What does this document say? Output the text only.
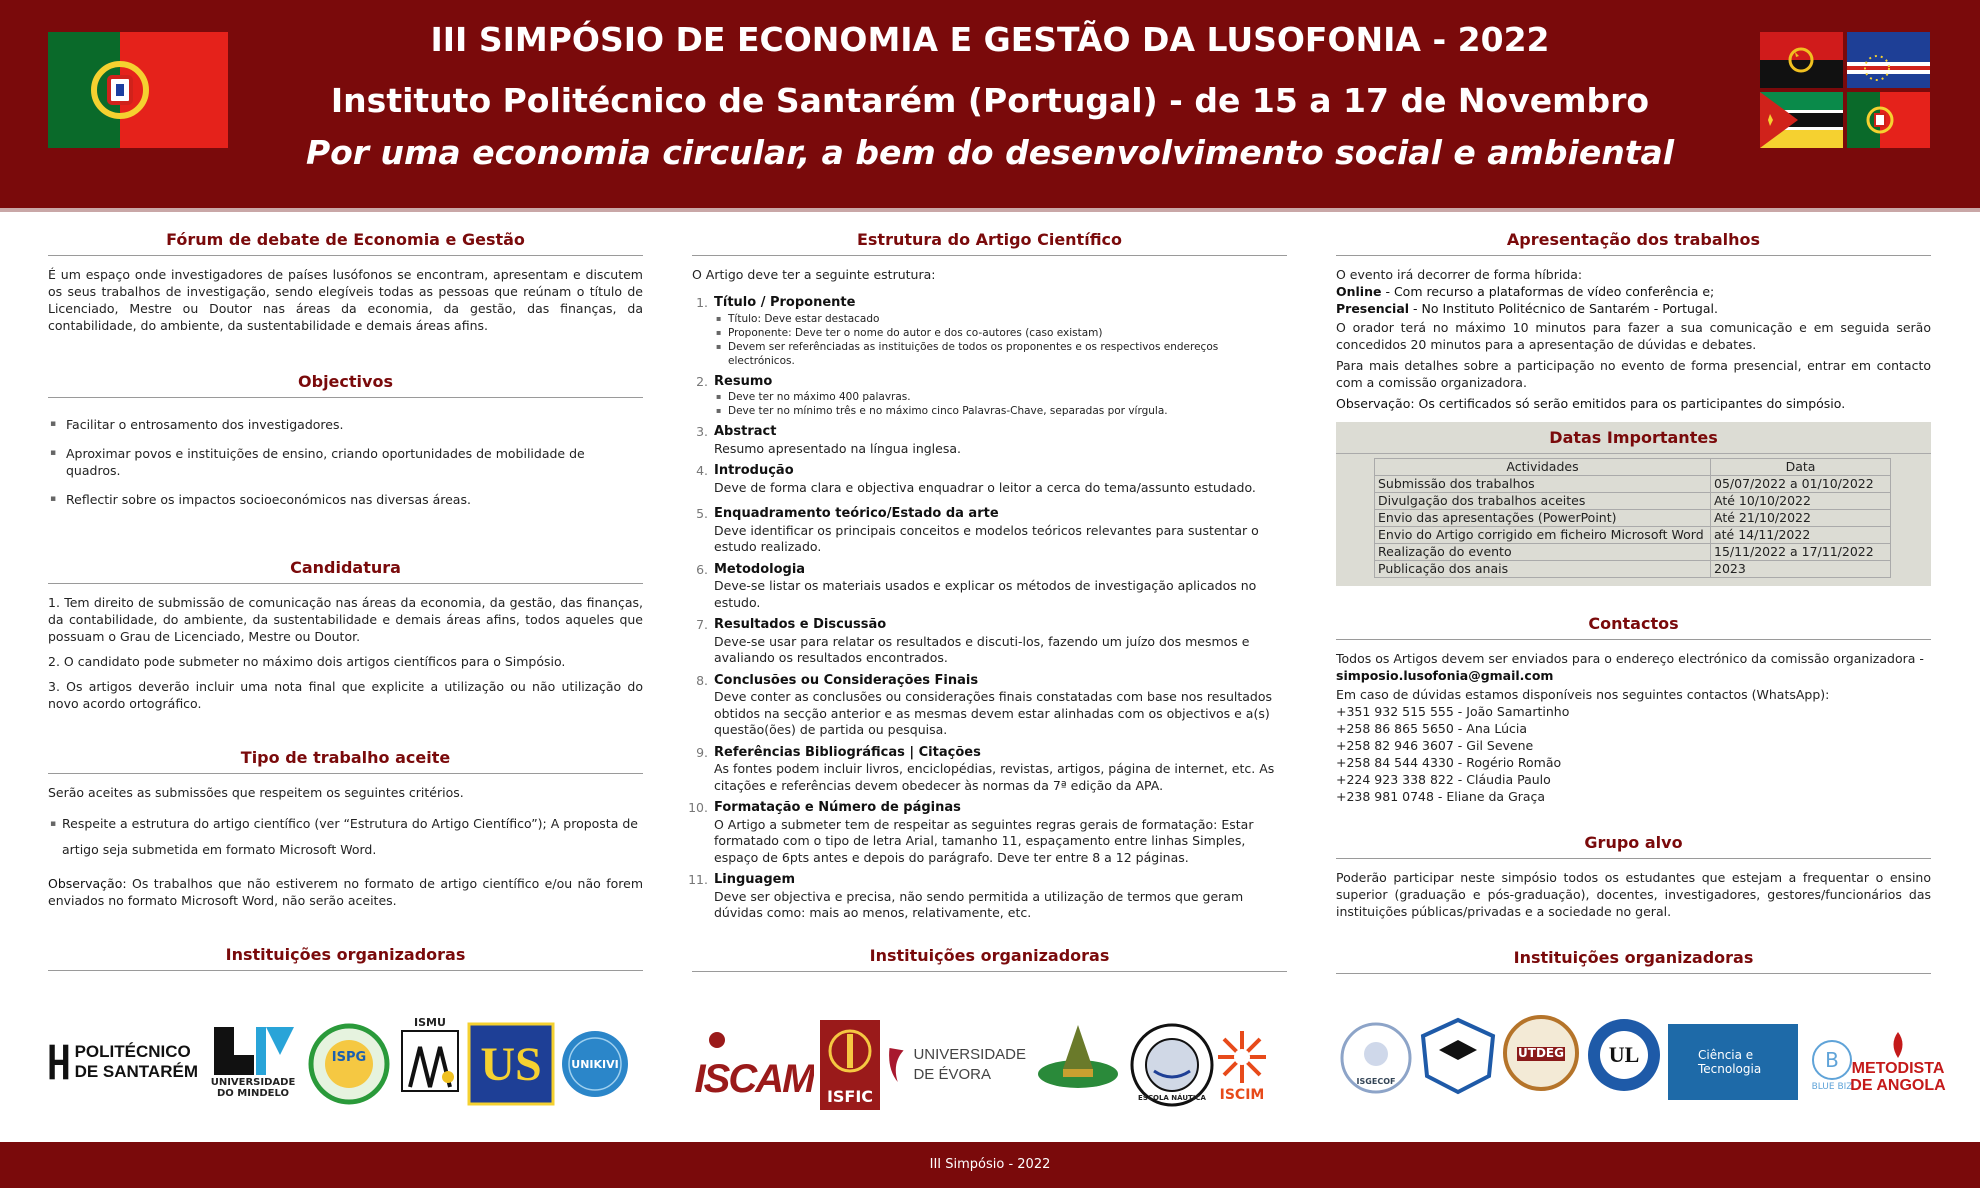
III SIMPÓSIO DE ECONOMIA E GESTÃO DA LUSOFONIA - 2022
Instituto Politécnico de Santarém (Portugal) - de 15 a 17 de Novembro
Por uma economia circular, a bem do desenvolvimento social e ambiental
Fórum de debate de Economia e Gestão

É um espaço onde investigadores de países lusófonos se encontram, apresentam e discutem os seus trabalhos de investigação, sendo elegíveis todas as pessoas que reúnam o título de Licenciado, Mestre ou Doutor nas áreas da economia, da gestão, das finanças, da contabilidade, do ambiente, da sustentabilidade e demais áreas afins.

Objectivos
▪ Facilitar o entrosamento dos investigadores.
▪ Aproximar povos e instituições de ensino, criando oportunidades de mobilidade de quadros.
▪ Reflectir sobre os impactos socioeconómicos nas diversas áreas.
Candidatura

1. Tem direito de submissão de comunicação nas áreas da economia, da gestão, das finanças, da contabilidade, do ambiente, da sustentabilidade e demais áreas afins, todos aqueles que possuam o Grau de Licenciado, Mestre ou Doutor.

2. O candidato pode submeter no máximo dois artigos científicos para o Simpósio.

3. Os artigos deverão incluir uma nota final que explicite a utilização ou não utilização do novo acordo ortográfico.

Tipo de trabalho aceite

Serão aceites as submissões que respeitem os seguintes critérios.

▪ Respeite a estrutura do artigo científico (ver “Estrutura do Artigo Científico”); A proposta de artigo seja submetida em formato Microsoft Word.

Observação: Os trabalhos que não estiverem no formato de artigo científico e/ou não forem enviados no formato Microsoft Word, não serão aceites.

Instituições organizadoras
POLITÉCNICO
DE SANTARÉM
UNIVERSIDADE
DO MINDELO
ISPG
ISMU
US	UNIKIVI
Estrutura do Artigo Científico

O Artigo deve ter a seguinte estrutura:

1. Título / Proponente
▪ Título: Deve estar destacado
▪ Proponente: Deve ter o nome do autor e dos co-autores (caso existam)
▪ Devem ser referênciadas as instituições de todos os proponentes e os respectivos endereços electrónicos.
2. Resumo
▪ Deve ter no máximo 400 palavras.
▪ Deve ter no mínimo três e no máximo cinco Palavras-Chave, separadas por vírgula.
3. Abstract
Resumo apresentado na língua inglesa.
4. Introdução
Deve de forma clara e objectiva enquadrar o leitor a cerca do tema/assunto estudado.
5. Enquadramento teórico/Estado da arte
Deve identificar os principais conceitos e modelos teóricos relevantes para sustentar o estudo realizado.
6. Metodologia
Deve-se listar os materiais usados e explicar os métodos de investigação aplicados no estudo.
7. Resultados e Discussão
Deve-se usar para relatar os resultados e discuti-los, fazendo um juízo dos mesmos e avaliando os resultados encontrados.
8. Conclusões ou Considerações Finais
Deve conter as conclusões ou considerações finais constatadas com base nos resultados obtidos na secção anterior e as mesmas devem estar alinhadas com os objectivos e a(s) questão(ões) de partida ou pesquisa.
9. Referências Bibliográficas | Citações
As fontes podem incluir livros, enciclopédias, revistas, artigos, página de internet, etc. As citações e referências devem obedecer às normas da 7ª edição da APA.
10. Formatação e Número de páginas
O Artigo a submeter tem de respeitar as seguintes regras gerais de formatação: Estar formatado com o tipo de letra Arial, tamanho 11, espaçamento entre linhas Simples, espaço de 6pts antes e depois do parágrafo. Deve ter entre 8 a 12 páginas.
11. Linguagem
Deve ser objectiva e precisa, não sendo permitida a utilização de termos que geram dúvidas como: mais ao menos, relativamente, etc.
Instituições organizadoras
ISCAM ISFIC
UNIVERSIDADE
DE ÉVORA
ESCOLA NÁUTICA ISCIM
Apresentação dos trabalhos

O evento irá decorrer de forma híbrida:

Online - Com recurso a plataformas de vídeo conferência e;

Presencial - No Instituto Politécnico de Santarém - Portugal.

O orador terá no máximo 10 minutos para fazer a sua comunicação e em seguida serão concedidos 20 minutos para a apresentação de dúvidas e debates.

Para mais detalhes sobre a participação no evento de forma presencial, entrar em contacto com a comissão organizadora.

Observação: Os certificados só serão emitidos para os participantes do simpósio.

Datas Importantes
Actividades	Data
Submissão dos trabalhos	05/07/2022 a 01/10/2022
Divulgação dos trabalhos aceites	Até 10/10/2022
Envio das apresentações (PowerPoint)	Até 21/10/2022
Envio do Artigo corrigido em ficheiro Microsoft Word	até 14/11/2022
Realização do evento	15/11/2022 a 17/11/2022
Publicação dos anais	2023
Contactos

Todos os Artigos devem ser enviados para o endereço electrónico da comissão organizadora -

simposio.lusofonia@gmail.com

Em caso de dúvidas estamos disponíveis nos seguintes contactos (WhatsApp):

+351 932 515 555 - João Samartinho
+258 86 865 5650 - Ana Lúcia
+258 82 946 3607 - Gil Sevene
+258 84 544 4330 - Rogério Romão
+224 923 338 822 - Cláudia Paulo
+238 981 0748 - Eliane da Graça
Grupo alvo

Poderão participar neste simpósio todos os estudantes que estejam a frequentar o ensino superior (graduação e pós-graduação), docentes, investigadores, gestores/funcionários das instituições públicas/privadas e a sociedade no geral.

Instituições organizadoras
ISGECOF
UTDEG UL	Ciência e Tecnologia	B
BLUE BIZ
METODISTA
DE ANGOLA
III Simpósio - 2022
